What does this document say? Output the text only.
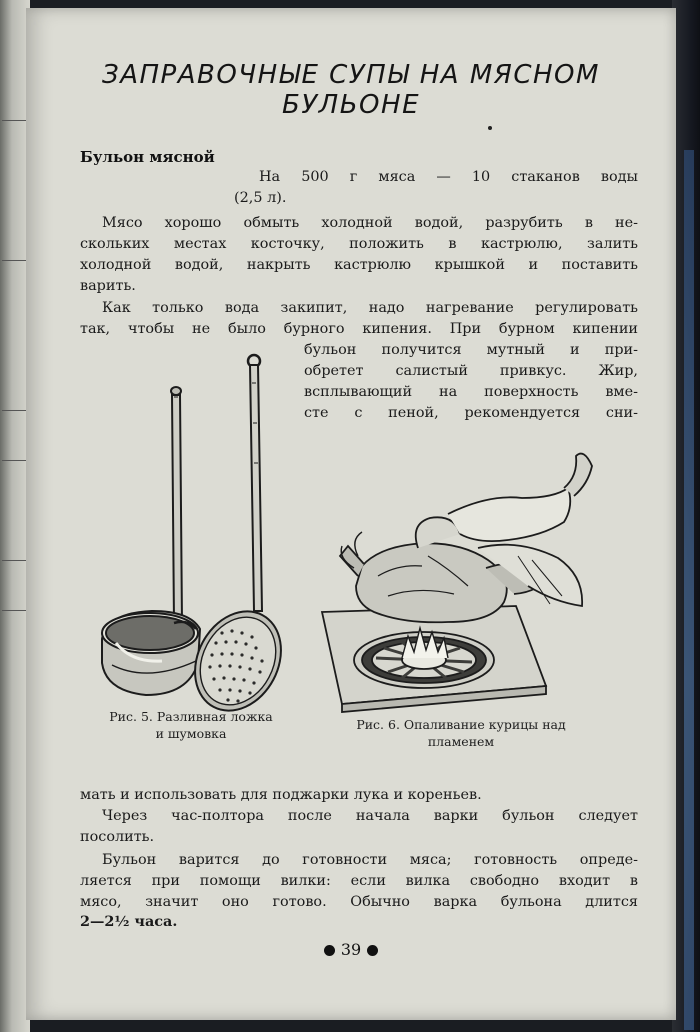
ЗАПРАВОЧНЫЕ СУПЫ НА МЯСНОМ
БУЛЬОНЕ
Бульон мясной
На 500 г мяса — 10 стаканов воды
(2,5 л).
Мясо хорошо обмыть холодной водой, разрубить в не-
скольких местах косточку, положить в кастрюлю, залить
холодной водой, накрыть кастрюлю крышкой и поставить
варить.
Как только вода закипит, надо нагревание регулировать
так, чтобы не было бурного кипения. При бурном кипении
бульон получится мутный и при-
обретет салистый привкус. Жир,
всплывающий на поверхность вме-
сте с пеной, рекомендуется сни-
Рис. 5. Разливная ложка
и шумовка
Рис. 6. Опаливание курицы над
пламенем
мать и использовать для поджарки лука и кореньев.
Через час-полтора после начала варки бульон следует
посолить.
Бульон варится до готовности мяса; готовность опреде-
ляется при помощи вилки: если вилка свободно входит в
мясо, значит оно готово. Обычно варка бульона длится
2—2½ часа.
39
